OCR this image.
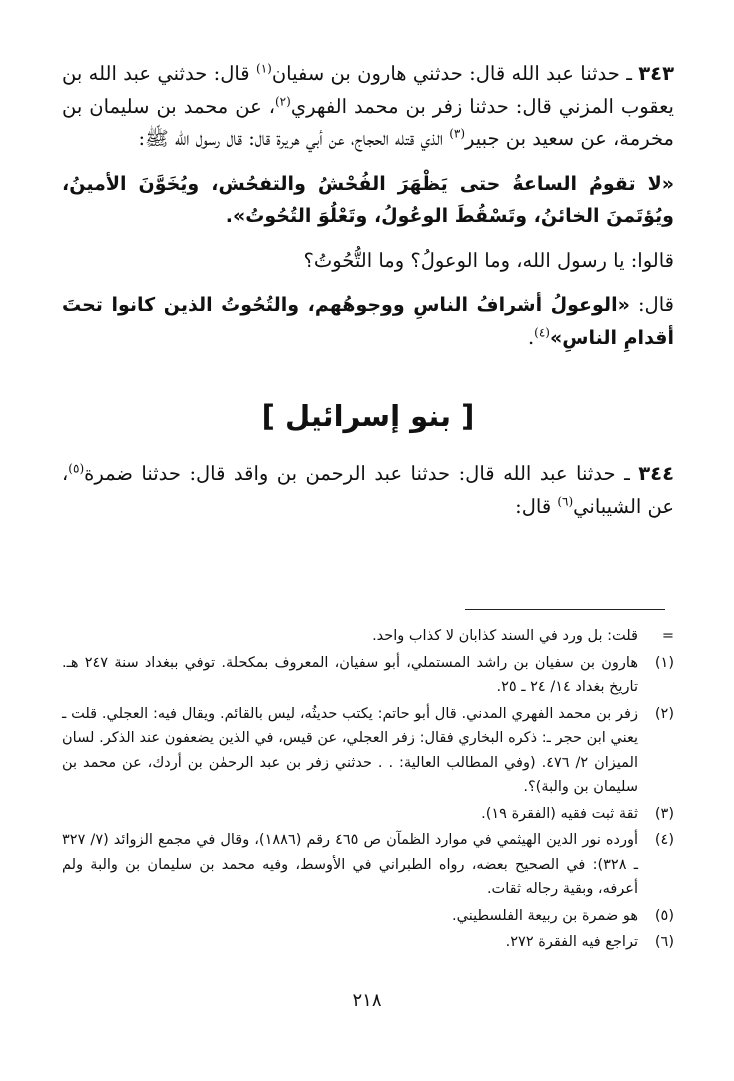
٣٤٣ ـ حدثنا عبد الله قال: حدثني هارون بن سفيان$^{(١)}$ قال: حدثني عبد الله بن يعقوب المزني قال: حدثنا زفر بن محمد الفهري$^{(٢)}$، عن محمد بن سليمان بن مخرمة، عن سعيد بن جبير$^{(٣)}$ الذي قتله الحجاج، عن أبي هريرة قال: قال رسول الله ﷺ:

«لا تقومُ الساعةُ حتى يَظْهَرَ الفُحْشُ والتفحُش، ويُخَوَّنَ الأمينُ، ويُؤتَمنَ الخائنُ، وتَسْقُطَ الوعُولُ، وتَعْلُوَ التُحُوتُ».

قالوا: يا رسول الله، وما الوعولُ؟ وما التُّحُوتُ؟

قال: «الوعولُ أشرافُ الناسِ ووجوهُهم، والتُحُوتُ الذين كانوا تحتَ أقدامِ الناسِ»$^{(٤)}$.

[ بنو إسرائيل ]

٣٤٤ ـ حدثنا عبد الله قال: حدثنا عبد الرحمن بن واقد قال: حدثنا ضمرة$^{(٥)}$، عن الشيباني$^{(٦)}$ قال:

=
قلت: بل ورد في السند كذابان لا كذاب واحد.
(١)
هارون بن سفيان بن راشد المستملي، أبو سفيان، المعروف بمكحلة. توفي ببغداد سنة ٢٤٧ هـ. تاريخ بغداد ١٤/ ٢٤ ـ ٢٥.
(٢)
زفر بن محمد الفهري المدني. قال أبو حاتم: يكتب حديثُه، ليس بالقائم. ويقال فيه: العجلي. قلت ـ يعني ابن حجر ـ: ذكره البخاري فقال: زفر العجلي، عن قيس، في الذين يضعفون عند الذكر. لسان الميزان ٢/ ٤٧٦. (وفي المطالب العالية: . . حدثني زفر بن عبد الرحمٰن بن أردك، عن محمد بن سليمان بن والبة)؟.
(٣)
ثقة ثبت فقيه (الفقرة ١٩).
(٤)
أورده نور الدين الهيثمي في موارد الظمآن ص ٤٦٥ رقم (١٨٨٦)، وقال في مجمع الزوائد (٧/ ٣٢٧ ـ ٣٢٨): في الصحيح بعضه، رواه الطبراني في الأوسط، وفيه محمد بن سليمان بن والبة ولم أعرفه، وبقية رجاله ثقات.
(٥)
هو ضمرة بن ربيعة الفلسطيني.
(٦)
تراجع فيه الفقرة ٢٧٢.
٢١٨
